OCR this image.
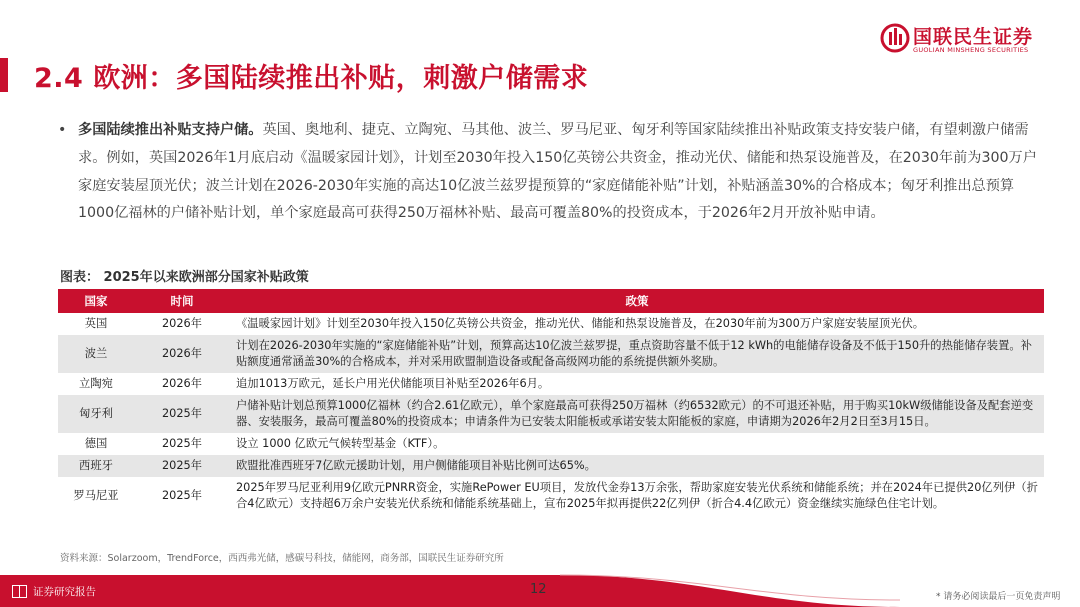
2.4 欧洲：多国陆续推出补贴，刺激户储需求
国联民生证券
GUOLIAN MINSHENG SECURITIES
• 多国陆续推出补贴支持户储。英国、奥地利、捷克、立陶宛、马其他、波兰、罗马尼亚、匈牙利等国家陆续推出补贴政策支持安装户储，有望刺激户储需求。例如，英国2026年1月底启动《温暖家园计划》，计划至2030年投入150亿英镑公共资金，推动光伏、储能和热泵设施普及，在2030年前为300万户家庭安装屋顶光伏；波兰计划在2026-2030年实施的高达10亿波兰兹罗提预算的“家庭储能补贴”计划，补贴涵盖30%的合格成本；匈牙利推出总预算1000亿福林的户储补贴计划，单个家庭最高可获得250万福林补贴、最高可覆盖80%的投资成本，于2026年2月开放补贴申请。
图表： 2025年以来欧洲部分国家补贴政策
国家	时间	政策
英国	2026年	《温暖家园计划》计划至2030年投入150亿英镑公共资金，推动光伏、储能和热泵设施普及，在2030年前为300万户家庭安装屋顶光伏。
波兰	2026年	计划在2026-2030年实施的“家庭储能补贴”计划，预算高达10亿波兰兹罗提，重点资助容量不低于12 kWh的电能储存设备及不低于150升的热能储存装置。补贴额度通常涵盖30%的合格成本，并对采用欧盟制造设备或配备高级网功能的系统提供额外奖励。
立陶宛	2026年	追加1013万欧元，延长户用光伏储能项目补贴至2026年6月。
匈牙利	2025年	户储补贴计划总预算1000亿福林（约合2.61亿欧元），单个家庭最高可获得250万福林（约6532欧元）的不可退还补贴，用于购买10kW级储能设备及配套逆变器、安装服务，最高可覆盖80%的投资成本；申请条件为已安装太阳能板或承诺安装太阳能板的家庭，申请期为2026年2月2日至3月15日。
德国	2025年	设立 1000 亿欧元气候转型基金（KTF）。
西班牙	2025年	欧盟批准西班牙7亿欧元援助计划，用户侧储能项目补贴比例可达65%。
罗马尼亚	2025年	2025年罗马尼亚利用9亿欧元PNRR资金，实施RePower EU项目，发放代金券13万余张，帮助家庭安装光伏系统和储能系统；并在2024年已提供20亿列伊（折合4亿欧元）支持超6万余户安装光伏系统和储能系统基础上，宣布2025年拟再提供22亿列伊（折合4.4亿欧元）资金继续实施绿色住宅计划。
资料来源：Solarzoom，TrendForce，西西弗光储，感碳号科技，储能网，商务部，国联民生证券研究所
证券研究报告	12	* 请务必阅读最后一页免责声明
